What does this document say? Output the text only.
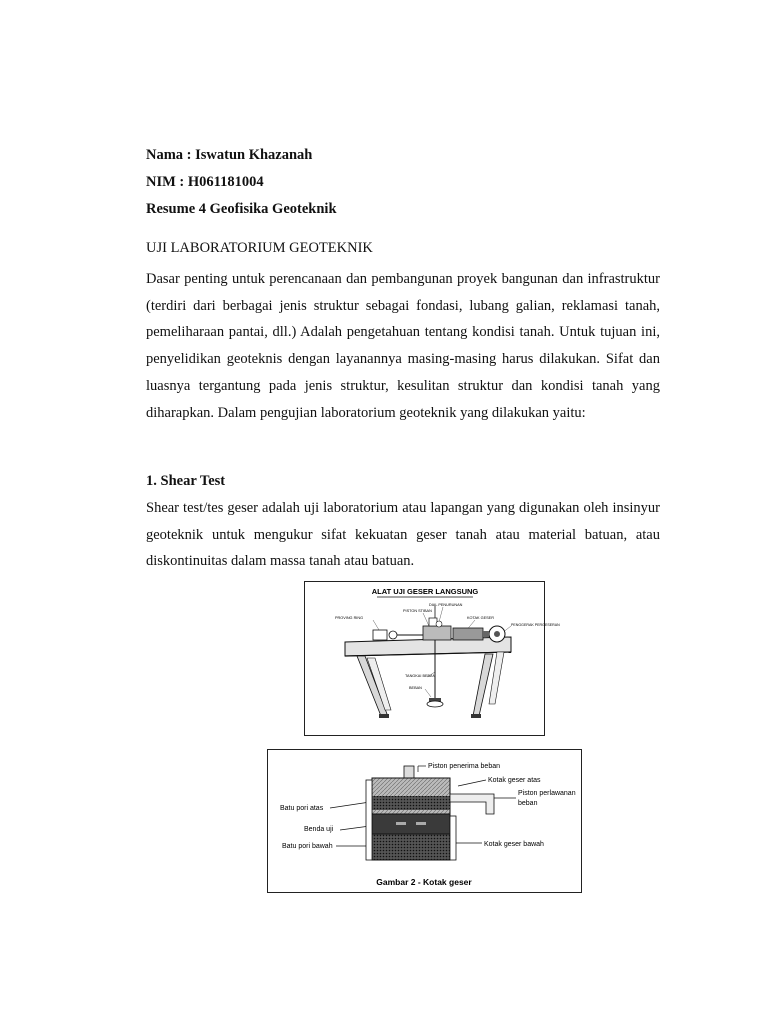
Nama : Iswatun Khazanah
NIM : H061181004
Resume 4 Geofisika Geoteknik
UJI LABORATORIUM GEOTEKNIK

Dasar penting untuk perencanaan dan pembangunan proyek bangunan dan infrastruktur (terdiri dari berbagai jenis struktur sebagai fondasi, lubang galian, reklamasi tanah, pemeliharaan pantai, dll.) Adalah pengetahuan tentang kondisi tanah. Untuk tujuan ini, penyelidikan geoteknis dengan layanannya masing-masing harus dilakukan. Sifat dan luasnya tergantung pada jenis struktur, kesulitan struktur dan kondisi tanah yang diharapkan. Dalam pengujian laboratorium geoteknik yang dilakukan yaitu:

1. Shear Test

Shear test/tes geser adalah uji laboratorium atau lapangan yang digunakan oleh insinyur geoteknik untuk mengukur sifat kekuatan geser tanah atau material batuan, atau diskontinuitas dalam massa tanah atau batuan.

ALAT UJI GESER LANGSUNG
DIAL PENURUNAN
PISTON STIBAN
PROVING RING	KOTAK GESER
PENGGERAK PERGESERAN
TANGKAI BEBAN
BEBAN
Piston penerima beban
Kotak geser atas
Piston perlawanan
beban
Batu pori atas
Benda uji
Kotak geser bawah
Batu pori bawah
Gambar 2 - Kotak geser
